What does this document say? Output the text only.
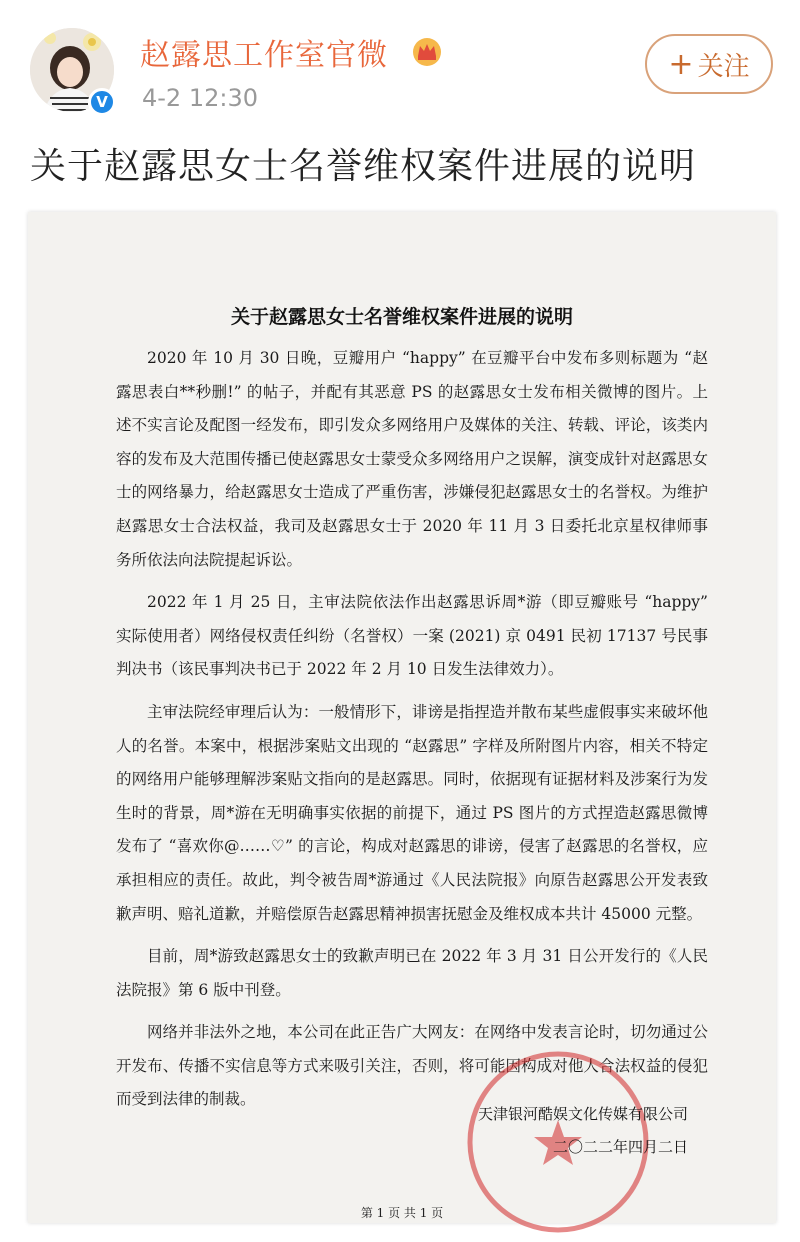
V
赵露思工作室官微
4-2 12:30
+ 关注
关于赵露思女士名誉维权案件进展的说明
关于赵露思女士名誉维权案件进展的说明

2020 年 10 月 30 日晚，豆瓣用户 “happy” 在豆瓣平台中发布多则标题为 “赵露思表白**秒删!” 的帖子，并配有其恶意 PS 的赵露思女士发布相关微博的图片。上述不实言论及配图一经发布，即引发众多网络用户及媒体的关注、转载、评论，该类内容的发布及大范围传播已使赵露思女士蒙受众多网络用户之误解，演变成针对赵露思女士的网络暴力，给赵露思女士造成了严重伤害，涉嫌侵犯赵露思女士的名誉权。为维护赵露思女士合法权益，我司及赵露思女士于 2020 年 11 月 3 日委托北京星权律师事务所依法向法院提起诉讼。

2022 年 1 月 25 日，主审法院依法作出赵露思诉周*游（即豆瓣账号 “happy” 实际使用者）网络侵权责任纠纷（名誉权）一案 (2021) 京 0491 民初 17137 号民事判决书（该民事判决书已于 2022 年 2 月 10 日发生法律效力）。

主审法院经审理后认为：一般情形下，诽谤是指捏造并散布某些虚假事实来破坏他人的名誉。本案中，根据涉案贴文出现的 “赵露思” 字样及所附图片内容，相关不特定的网络用户能够理解涉案贴文指向的是赵露思。同时，依据现有证据材料及涉案行为发生时的背景，周*游在无明确事实依据的前提下，通过 PS 图片的方式捏造赵露思微博发布了 “喜欢你@……♡” 的言论，构成对赵露思的诽谤，侵害了赵露思的名誉权，应承担相应的责任。故此，判令被告周*游通过《人民法院报》向原告赵露思公开发表致歉声明、赔礼道歉，并赔偿原告赵露思精神损害抚慰金及维权成本共计 45000 元整。

目前，周*游致赵露思女士的致歉声明已在 2022 年 3 月 31 日公开发行的《人民法院报》第 6 版中刊登。

网络并非法外之地，本公司在此正告广大网友：在网络中发表言论时，切勿通过公开发布、传播不实信息等方式来吸引关注，否则，将可能因构成对他人合法权益的侵犯而受到法律的制裁。

天津银河酷娱文化传媒有限公司
二〇二二年四月二日
第 1 页 共 1 页
